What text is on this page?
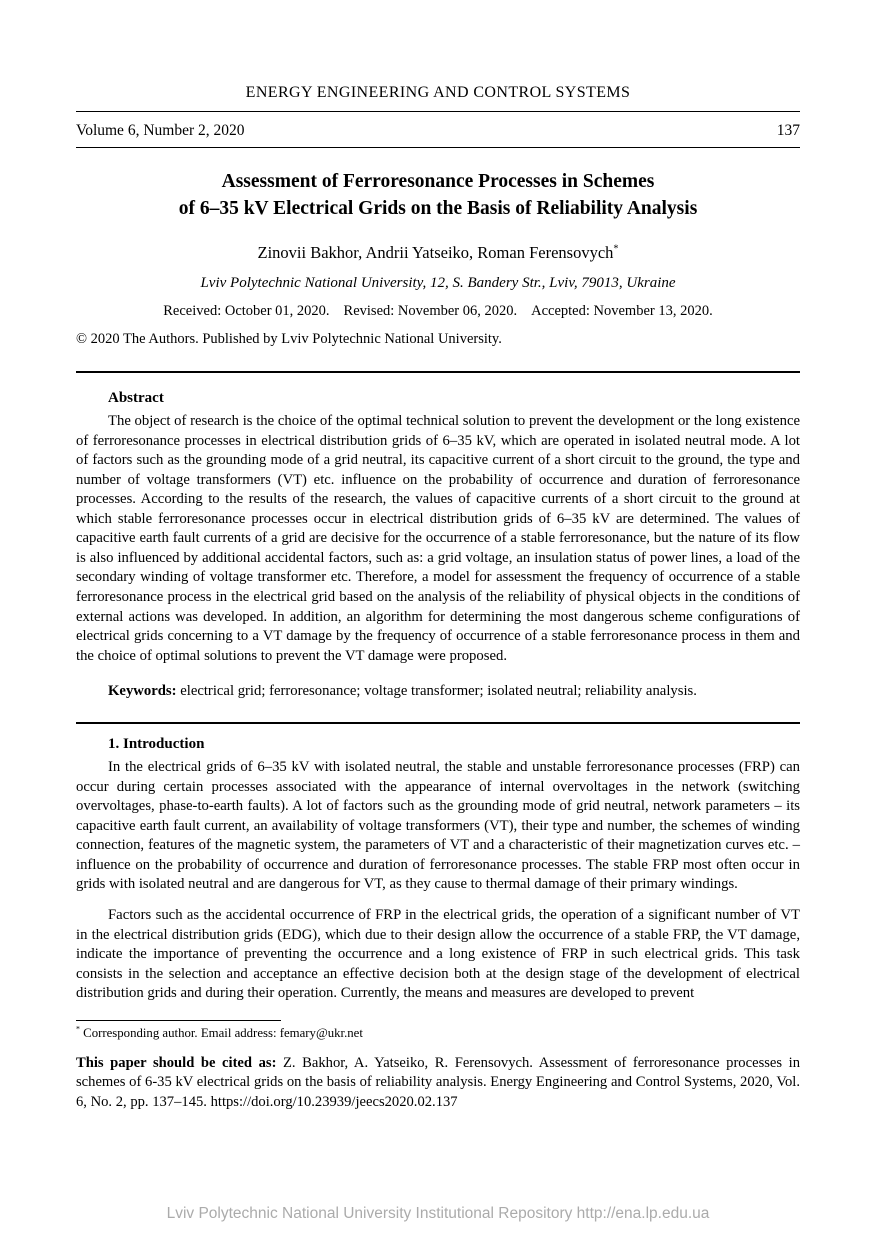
ENERGY ENGINEERING AND CONTROL SYSTEMS
Volume 6, Number 2, 2020	137
Assessment of Ferroresonance Processes in Schemes
of 6–35 kV Electrical Grids on the Basis of Reliability Analysis
Zinovii Bakhor, Andrii Yatseiko, Roman Ferensovych*
Lviv Polytechnic National University, 12, S. Bandery Str., Lviv, 79013, Ukraine
Received: October 01, 2020. Revised: November 06, 2020. Accepted: November 13, 2020.
© 2020 The Authors. Published by Lviv Polytechnic National University.
Abstract

The object of research is the choice of the optimal technical solution to prevent the development or the long existence of ferroresonance processes in electrical distribution grids of 6–35 kV, which are operated in isolated neutral mode. A lot of factors such as the grounding mode of a grid neutral, its capacitive current of a short circuit to the ground, the type and number of voltage transformers (VT) etc. influence on the probability of occurrence and duration of ferroresonance processes. According to the results of the research, the values of capacitive currents of a short circuit to the ground at which stable ferroresonance processes occur in electrical distribution grids of 6–35 kV are determined. The values of capacitive earth fault currents of a grid are decisive for the occurrence of a stable ferroresonance, but the nature of its flow is also influenced by additional accidental factors, such as: a grid voltage, an insulation status of power lines, a load of the secondary winding of voltage transformer etc. Therefore, a model for assessment the frequency of occurrence of a stable ferroresonance process in the electrical grid based on the analysis of the reliability of physical objects in the conditions of external actions was developed. In addition, an algorithm for determining the most dangerous scheme configurations of electrical grids concerning to a VT damage by the frequency of occurrence of a stable ferroresonance process in them and the choice of optimal solutions to prevent the VT damage were proposed.

Keywords: electrical grid; ferroresonance; voltage transformer; isolated neutral; reliability analysis.

1. Introduction

In the electrical grids of 6–35 kV with isolated neutral, the stable and unstable ferroresonance processes (FRP) can occur during certain processes associated with the appearance of internal overvoltages in the network (switching overvoltages, phase-to-earth faults). A lot of factors such as the grounding mode of grid neutral, network parameters – its capacitive earth fault current, an availability of voltage transformers (VT), their type and number, the schemes of winding connection, features of the magnetic system, the parameters of VT and a characteristic of their magnetization curves etc. – influence on the probability of occurrence and duration of ferroresonance processes. The stable FRP most often occur in grids with isolated neutral and are dangerous for VT, as they cause to thermal damage of their primary windings.

Factors such as the accidental occurrence of FRP in the electrical grids, the operation of a significant number of VT in the electrical distribution grids (EDG), which due to their design allow the occurrence of a stable FRP, the VT damage, indicate the importance of preventing the occurrence and a long existence of FRP in such electrical grids. This task consists in the selection and acceptance an effective decision both at the design stage of the development of electrical distribution grids and during their operation. Currently, the means and measures are developed to prevent

* Corresponding author. Email address: femary@ukr.net

This paper should be cited as: Z. Bakhor, A. Yatseiko, R. Ferensovych. Assessment of ferroresonance processes in schemes of 6-35 kV electrical grids on the basis of reliability analysis. Energy Engineering and Control Systems, 2020, Vol. 6, No. 2, pp. 137–145. https://doi.org/10.23939/jeecs2020.02.137

Lviv Polytechnic National University Institutional Repository http://ena.lp.edu.ua
